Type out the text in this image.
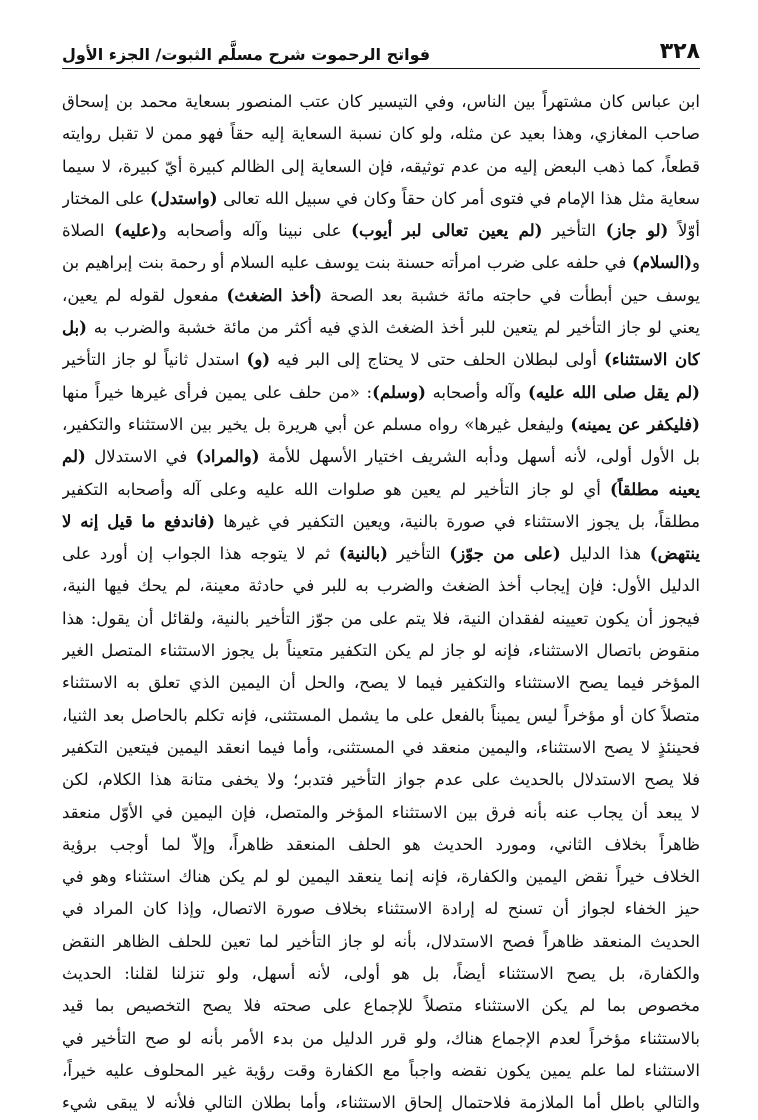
٣٢٨
فواتح الرحموت شرح مسلَّم الثبوت/ الجزء الأول
ابن عباس كان مشتهراً بين الناس، وفي التيسير كان عتب المنصور بسعاية محمد بن إسحاق
صاحب المغازي، وهذا بعيد عن مثله، ولو كان نسبة السعاية إليه حقاً فهو ممن لا تقبل روايته
قطعاً، كما ذهب البعض إليه من عدم توثيقه، فإن السعاية إلى الظالم كبيرة أيّ كبيرة، لا سيما
سعاية مثل هذا الإمام في فتوى أمر كان حقاً وكان في سبيل الله تعالى (واستدل) على المختار
أوّلاً (لو جاز) التأخير (لم يعين تعالى لبر أيوب) على نبينا وآله وأصحابه و(عليه) الصلاة
و(السلام) في حلفه على ضرب امرأته حسنة بنت يوسف عليه السلام أو رحمة بنت إبراهيم بن
يوسف حين أبطأت في حاجته مائة خشبة بعد الصحة (أخذ الضغث) مفعول لقوله لم يعين،
يعني لو جاز التأخير لم يتعين للبر أخذ الضغث الذي فيه أكثر من مائة خشبة والضرب به (بل
كان الاستثناء) أولى لبطلان الحلف حتى لا يحتاج إلى البر فيه (و) استدل ثانياً لو جاز التأخير
(لم يقل صلى الله عليه) وآله وأصحابه (وسلم): «من حلف على يمين فرأى غيرها خيراً منها
(فليكفر عن يمينه) وليفعل غيرها» رواه مسلم عن أبي هريرة بل يخير بين الاستثناء والتكفير،
بل الأول أولى، لأنه أسهل ودأبه الشريف اختيار الأسهل للأمة (والمراد) في الاستدلال (لم
يعينه مطلقاً) أي لو جاز التأخير لم يعين هو صلوات الله عليه وعلى آله وأصحابه التكفير
مطلقاً، بل يجوز الاستثناء في صورة بالنية، ويعين التكفير في غيرها (فاندفع ما قيل إنه لا
ينتهض) هذا الدليل (على من جوّز) التأخير (بالنية) ثم لا يتوجه هذا الجواب إن أورد على
الدليل الأول: فإن إيجاب أخذ الضغث والضرب به للبر في حادثة معينة، لم يحك فيها النية،
فيجوز أن يكون تعيينه لفقدان النية، فلا يتم على من جوّز التأخير بالنية، ولقائل أن يقول: هذا
منقوض باتصال الاستثناء، فإنه لو جاز لم يكن التكفير متعيناً بل يجوز الاستثناء المتصل الغير
المؤخر فيما يصح الاستثناء والتكفير فيما لا يصح، والحل أن اليمين الذي تعلق به الاستثناء
متصلاً كان أو مؤخراً ليس يميناً بالفعل على ما يشمل المستثنى، فإنه تكلم بالحاصل بعد الثنيا،
فحينئذٍ لا يصح الاستثناء، واليمين منعقد في المستثنى، وأما فيما انعقد اليمين فيتعين التكفير
فلا يصح الاستدلال بالحديث على عدم جواز التأخير فتدبر؛ ولا يخفى متانة هذا الكلام، لكن
لا يبعد أن يجاب عنه بأنه فرق بين الاستثناء المؤخر والمتصل، فإن اليمين في الأوّل منعقد
ظاهراً بخلاف الثاني، ومورد الحديث هو الحلف المنعقد ظاهراً، وإلاّ لما أوجب برؤية
الخلاف خيراً نقض اليمين والكفارة، فإنه إنما ينعقد اليمين لو لم يكن هناك استثناء وهو في
حيز الخفاء لجواز أن تسنح له إرادة الاستثناء بخلاف صورة الاتصال، وإذا كان المراد في
الحديث المنعقد ظاهراً فصح الاستدلال، بأنه لو جاز التأخير لما تعين للحلف الظاهر النقض
والكفارة، بل يصح الاستثناء أيضاً، بل هو أولى، لأنه أسهل، ولو تنزلنا لقلنا: الحديث
مخصوص بما لم يكن الاستثناء متصلاً للإجماع على صحته فلا يصح التخصيص بما قيد
بالاستثناء مؤخراً لعدم الإجماع هناك، ولو قرر الدليل من بدء الأمر بأنه لو صح التأخير في
الاستثناء لما علم يمين يكون نقضه واجباً مع الكفارة وقت رؤية غير المحلوف عليه خيراً،
والتالي باطل أما الملازمة فلاحتمال إلحاق الاستثناء، وأما بطلان التالي فلأنه لا يبقى شيء
